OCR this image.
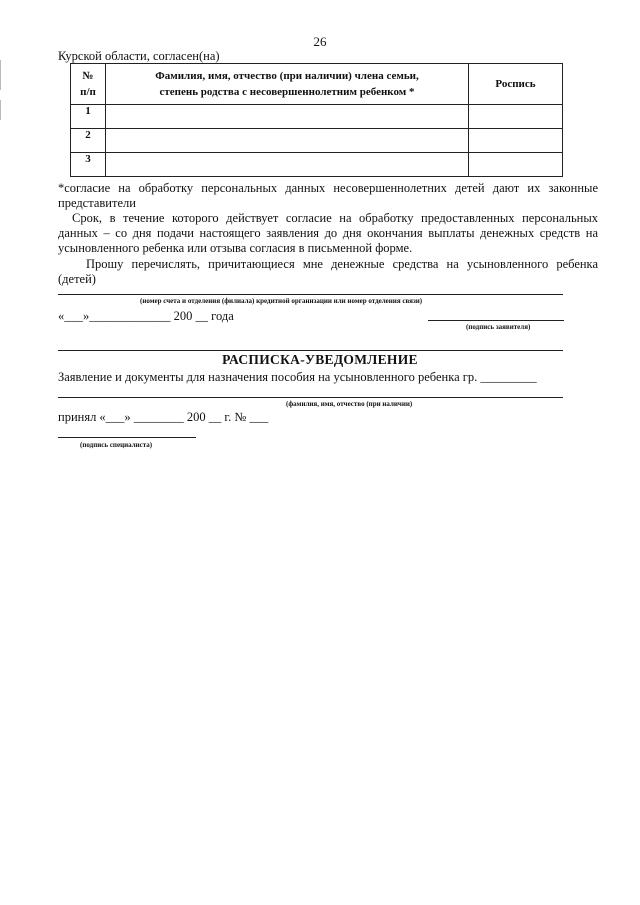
26
Курской области, согласен(на)
№
п/п	Фамилия, имя, отчество (при наличии) члена семьи, степень родства с несовершеннолетним ребенком *	Роспись
1		
2		
3		
*согласие на обработку персональных данных несовершеннолетних детей дают их законные представители
Срок, в течение которого действует согласие на обработку предоставленных персональных данных – со дня подачи настоящего заявления до дня окончания выплаты денежных средств на усыновленного ребенка или отзыва согласия в письменной форме.
Прошу перечислять, причитающиеся мне денежные средства на усыновленного ребенка (детей)
(номер счета и отделения (филиала) кредитной организации или номер отделения связи)
«___»_____________ 200 __ года
(подпись заявителя)
РАСПИСКА-УВЕДОМЛЕНИЕ
Заявление и документы для назначения пособия на усыновленного ребенка гр. _________
(фамилия, имя, отчество (при наличии)
принял «___» ________ 200 __ г. № ___
(подпись специалиста)
